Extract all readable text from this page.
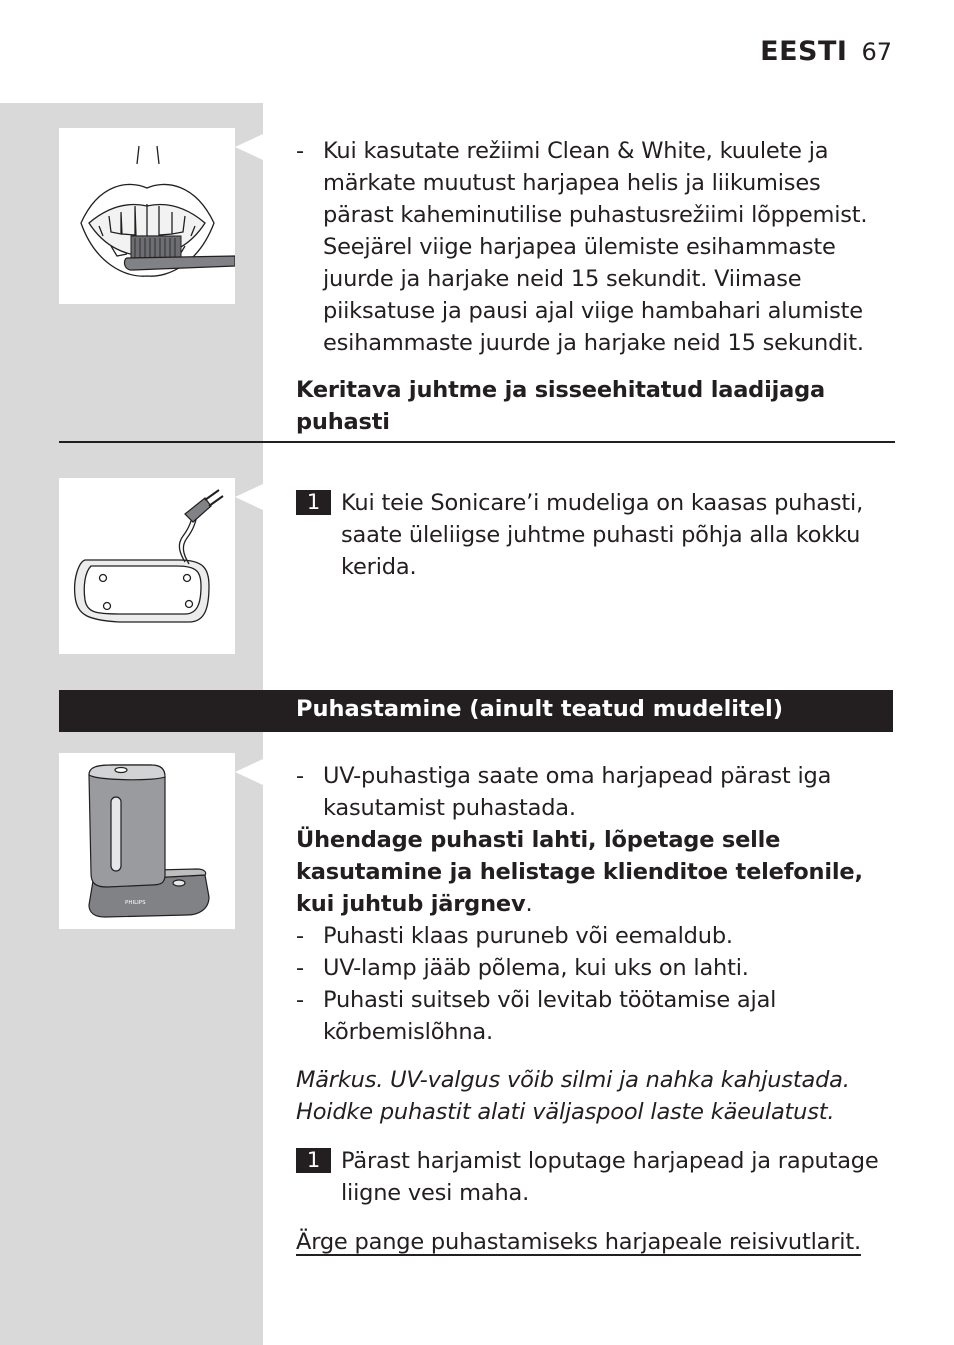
EESTI 67
- Kui kasutate režiimi Clean & White, kuulete ja märkate muutust harjapea helis ja liikumises pärast kaheminutilise puhastusrežiimi lõppemist. Seejärel viige harjapea ülemiste esihammaste juurde ja harjake neid 15 sekundit. Viimase piiksatuse ja pausi ajal viige hambahari alumiste esihammaste juurde ja harjake neid 15 sekundit.
Keritava juhtme ja sisseehitatud laadijaga puhasti
1 Kui teie Sonicare’i mudeliga on kaasas puhasti, saate üleliigse juhtme puhasti põhja alla kokku kerida.
Puhastamine (ainult teatud mudelitel)
PHILIPS
- UV-puhastiga saate oma harjapead pärast iga kasutamist puhastada.
Ühendage puhasti lahti, lõpetage selle kasutamine ja helistage klienditoe telefonile, kui juhtub järgnev.
- Puhasti klaas puruneb või eemaldub.
- UV-lamp jääb põlema, kui uks on lahti.
- Puhasti suitseb või levitab töötamise ajal kõrbemislõhna.
Märkus. UV-valgus võib silmi ja nahka kahjustada.
Hoidke puhastit alati väljaspool laste käeulatust.
1 Pärast harjamist loputage harjapead ja raputage liigne vesi maha.
Ärge pange puhastamiseks harjapeale reisivutlarit.
